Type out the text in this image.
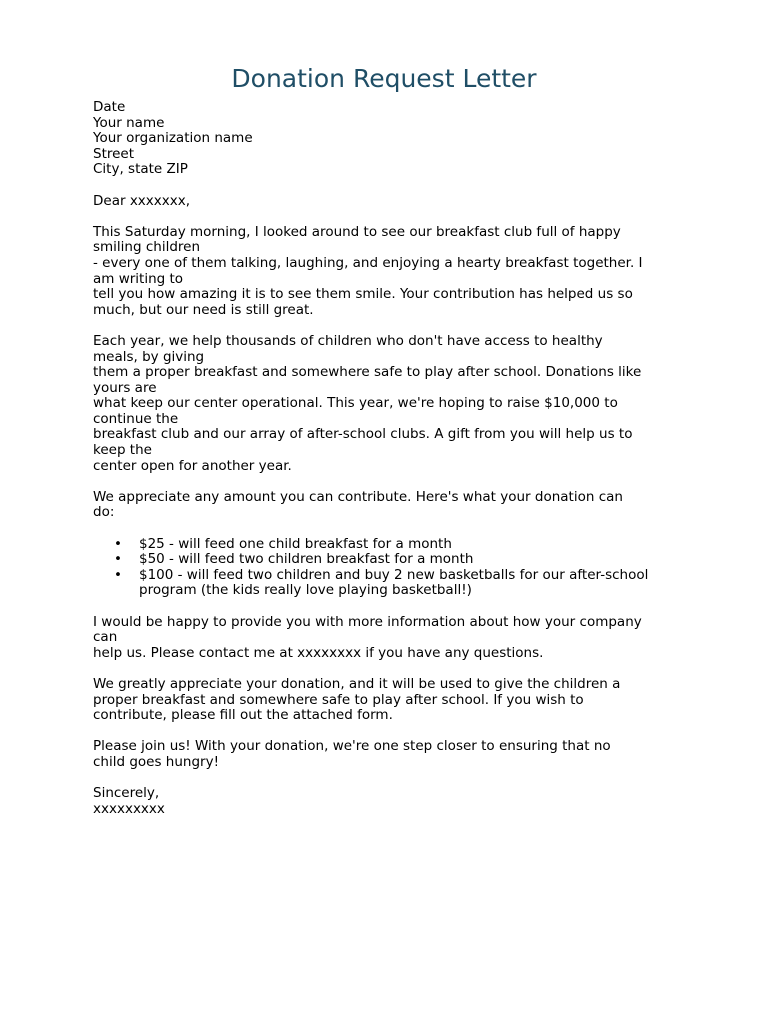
Donation Request Letter
Date
Your name
Your organization name
Street
City, state ZIP
Dear xxxxxxx,
This Saturday morning, I looked around to see our breakfast club full of happy
smiling children
- every one of them talking, laughing, and enjoying a hearty breakfast together. I
am writing to
tell you how amazing it is to see them smile. Your contribution has helped us so
much, but our need is still great.
Each year, we help thousands of children who don't have access to healthy
meals, by giving
them a proper breakfast and somewhere safe to play after school. Donations like
yours are
what keep our center operational. This year, we're hoping to raise $10,000 to
continue the
breakfast club and our array of after-school clubs. A gift from you will help us to
keep the
center open for another year.
We appreciate any amount you can contribute. Here's what your donation can
do:
• $25 - will feed one child breakfast for a month
• $50 - will feed two children breakfast for a month
• $100 - will feed two children and buy 2 new basketballs for our after-school
program (the kids really love playing basketball!)
I would be happy to provide you with more information about how your company
can
help us. Please contact me at xxxxxxxx if you have any questions.
We greatly appreciate your donation, and it will be used to give the children a
proper breakfast and somewhere safe to play after school. If you wish to
contribute, please fill out the attached form.
Please join us! With your donation, we're one step closer to ensuring that no
child goes hungry!
Sincerely,
xxxxxxxxx
